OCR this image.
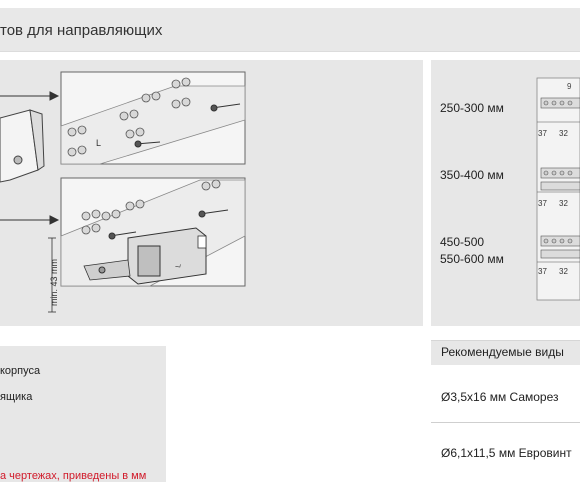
тов для направляющих
L
L
min. 43 mm
9
37 32
37 32
37 32
250-300 мм
350-400 мм
450-500
550-600 мм
корпуса
ящика
а чертежах, приведены в мм
Рекомендуемые виды
Ø3,5x16 мм Саморез
Ø6,1x11,5 мм Евровинт
